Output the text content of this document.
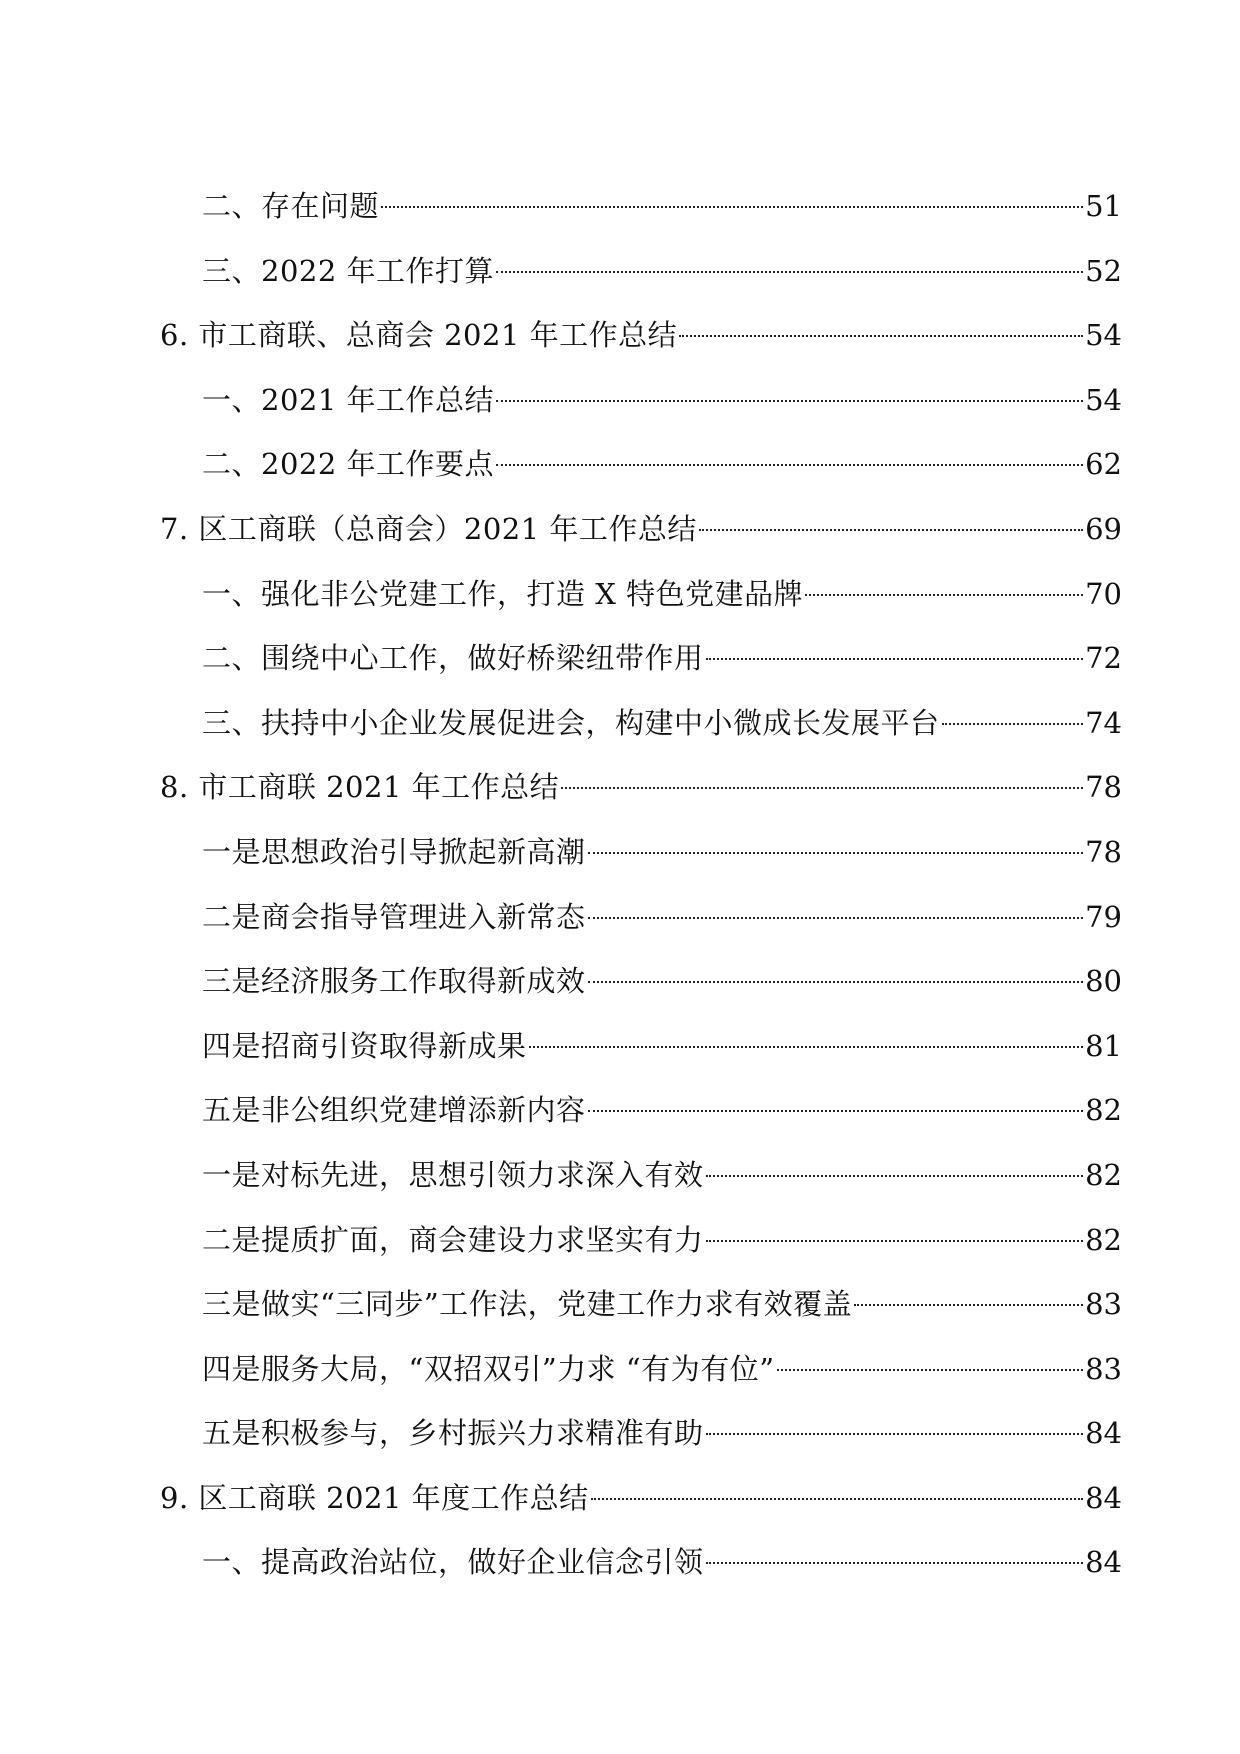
二、存在问题	51
三、2022 年工作打算	52
6. 市工商联、总商会 2021 年工作总结	54
一、2021 年工作总结	54
二、2022 年工作要点	62
7. 区工商联（总商会）2021 年工作总结	69
一、强化非公党建工作，打造 X 特色党建品牌	70
二、围绕中心工作，做好桥梁纽带作用	72
三、扶持中小企业发展促进会，构建中小微成长发展平台	74
8. 市工商联 2021 年工作总结	78
一是思想政治引导掀起新高潮	78
二是商会指导管理进入新常态	79
三是经济服务工作取得新成效	80
四是招商引资取得新成果	81
五是非公组织党建增添新内容	82
一是对标先进，思想引领力求深入有效	82
二是提质扩面，商会建设力求坚实有力	82
三是做实“三同步”工作法，党建工作力求有效覆盖	83
四是服务大局，“双招双引”力求 “有为有位”	83
五是积极参与，乡村振兴力求精准有助	84
9. 区工商联 2021 年度工作总结	84
一、提高政治站位，做好企业信念引领	84
